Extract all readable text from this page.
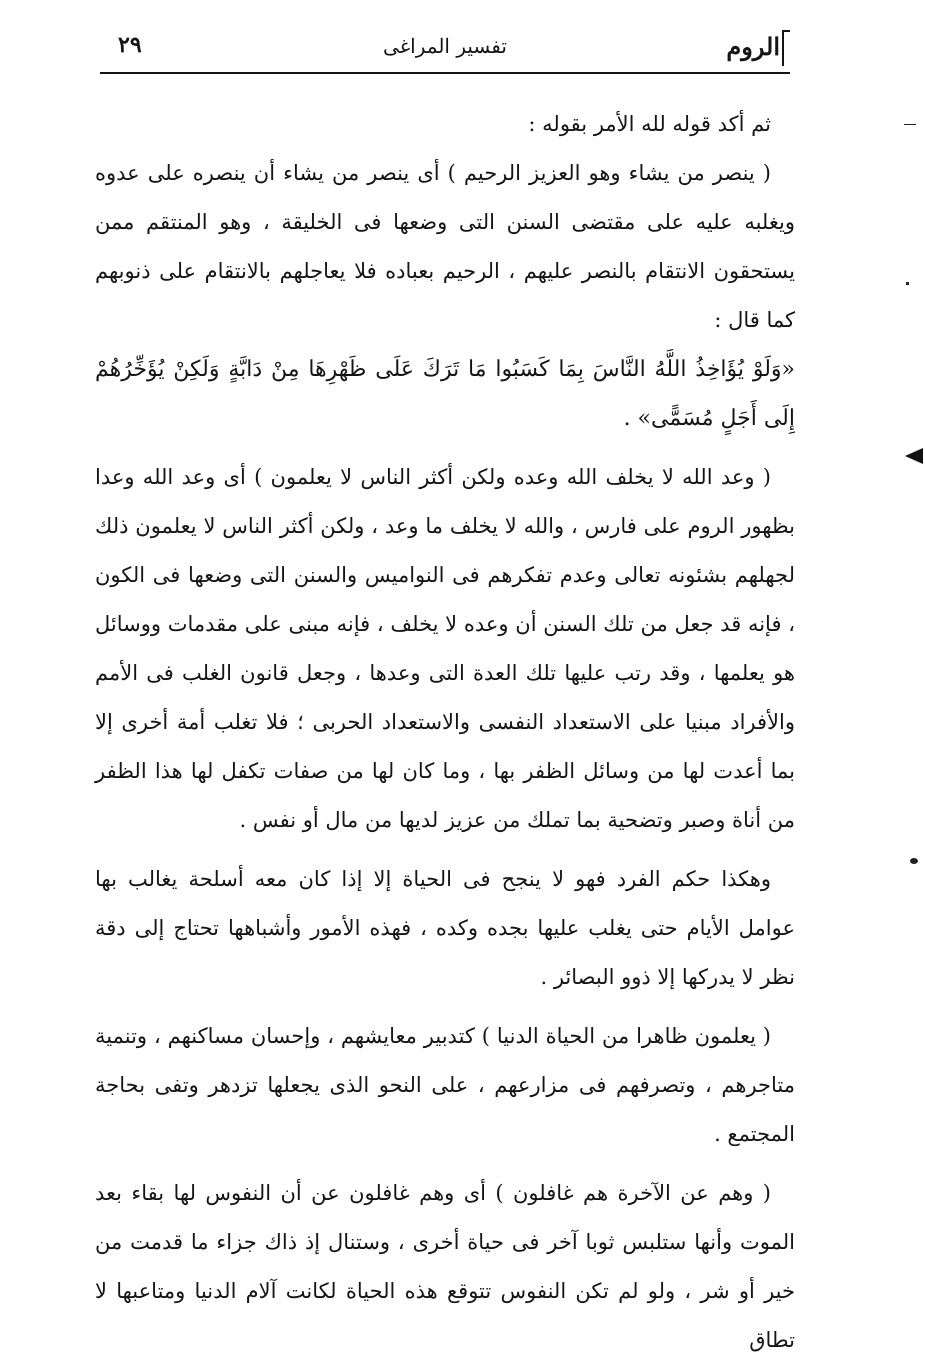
الروم
تفسير المراغى
٢٩

ثم أكد قوله لله الأمر بقوله :

( ينصر من يشاء وهو العزيز الرحيم ) أى ينصر من يشاء أن ينصره على عدوه ويغلبه عليه على مقتضى السنن التى وضعها فى الخليقة ، وهو المنتقم ممن يستحقون الانتقام بالنصر عليهم ، الرحيم بعباده فلا يعاجلهم بالانتقام على ذنوبهم كما قال :

«وَلَوْ يُؤَاخِذُ اللَّهُ النَّاسَ بِمَا كَسَبُوا مَا تَرَكَ عَلَى ظَهْرِهَا مِنْ دَابَّةٍ وَلَكِنْ يُؤَخِّرُهُمْ إِلَى أَجَلٍ مُسَمًّى» .

( وعد الله لا يخلف الله وعده ولكن أكثر الناس لا يعلمون ) أى وعد الله وعدا بظهور الروم على فارس ، والله لا يخلف ما وعد ، ولكن أكثر الناس لا يعلمون ذلك لجهلهم بشئونه تعالى وعدم تفكرهم فى النواميس والسنن التى وضعها فى الكون ، فإنه قد جعل من تلك السنن أن وعده لا يخلف ، فإنه مبنى على مقدمات ووسائل هو يعلمها ، وقد رتب عليها تلك العدة التى وعدها ، وجعل قانون الغلب فى الأمم والأفراد مبنيا على الاستعداد النفسى والاستعداد الحربى ؛ فلا تغلب أمة أخرى إلا بما أعدت لها من وسائل الظفر بها ، وما كان لها من صفات تكفل لها هذا الظفر من أناة وصبر وتضحية بما تملك من عزيز لديها من مال أو نفس .

وهكذا حكم الفرد فهو لا ينجح فى الحياة إلا إذا كان معه أسلحة يغالب بها عوامل الأيام حتى يغلب عليها بجده وكده ، فهذه الأمور وأشباهها تحتاج إلى دقة نظر لا يدركها إلا ذوو البصائر .

( يعلمون ظاهرا من الحياة الدنيا ) كتدبير معايشهم ، وإحسان مساكنهم ، وتنمية متاجرهم ، وتصرفهم فى مزارعهم ، على النحو الذى يجعلها تزدهر وتفى بحاجة المجتمع .

( وهم عن الآخرة هم غافلون ) أى وهم غافلون عن أن النفوس لها بقاء بعد الموت وأنها ستلبس ثوبا آخر فى حياة أخرى ، وستنال إذ ذاك جزاء ما قدمت من خير أو شر ، ولو لم تكن النفوس تتوقع هذه الحياة لكانت آلام الدنيا ومتاعبها لا تطاق
